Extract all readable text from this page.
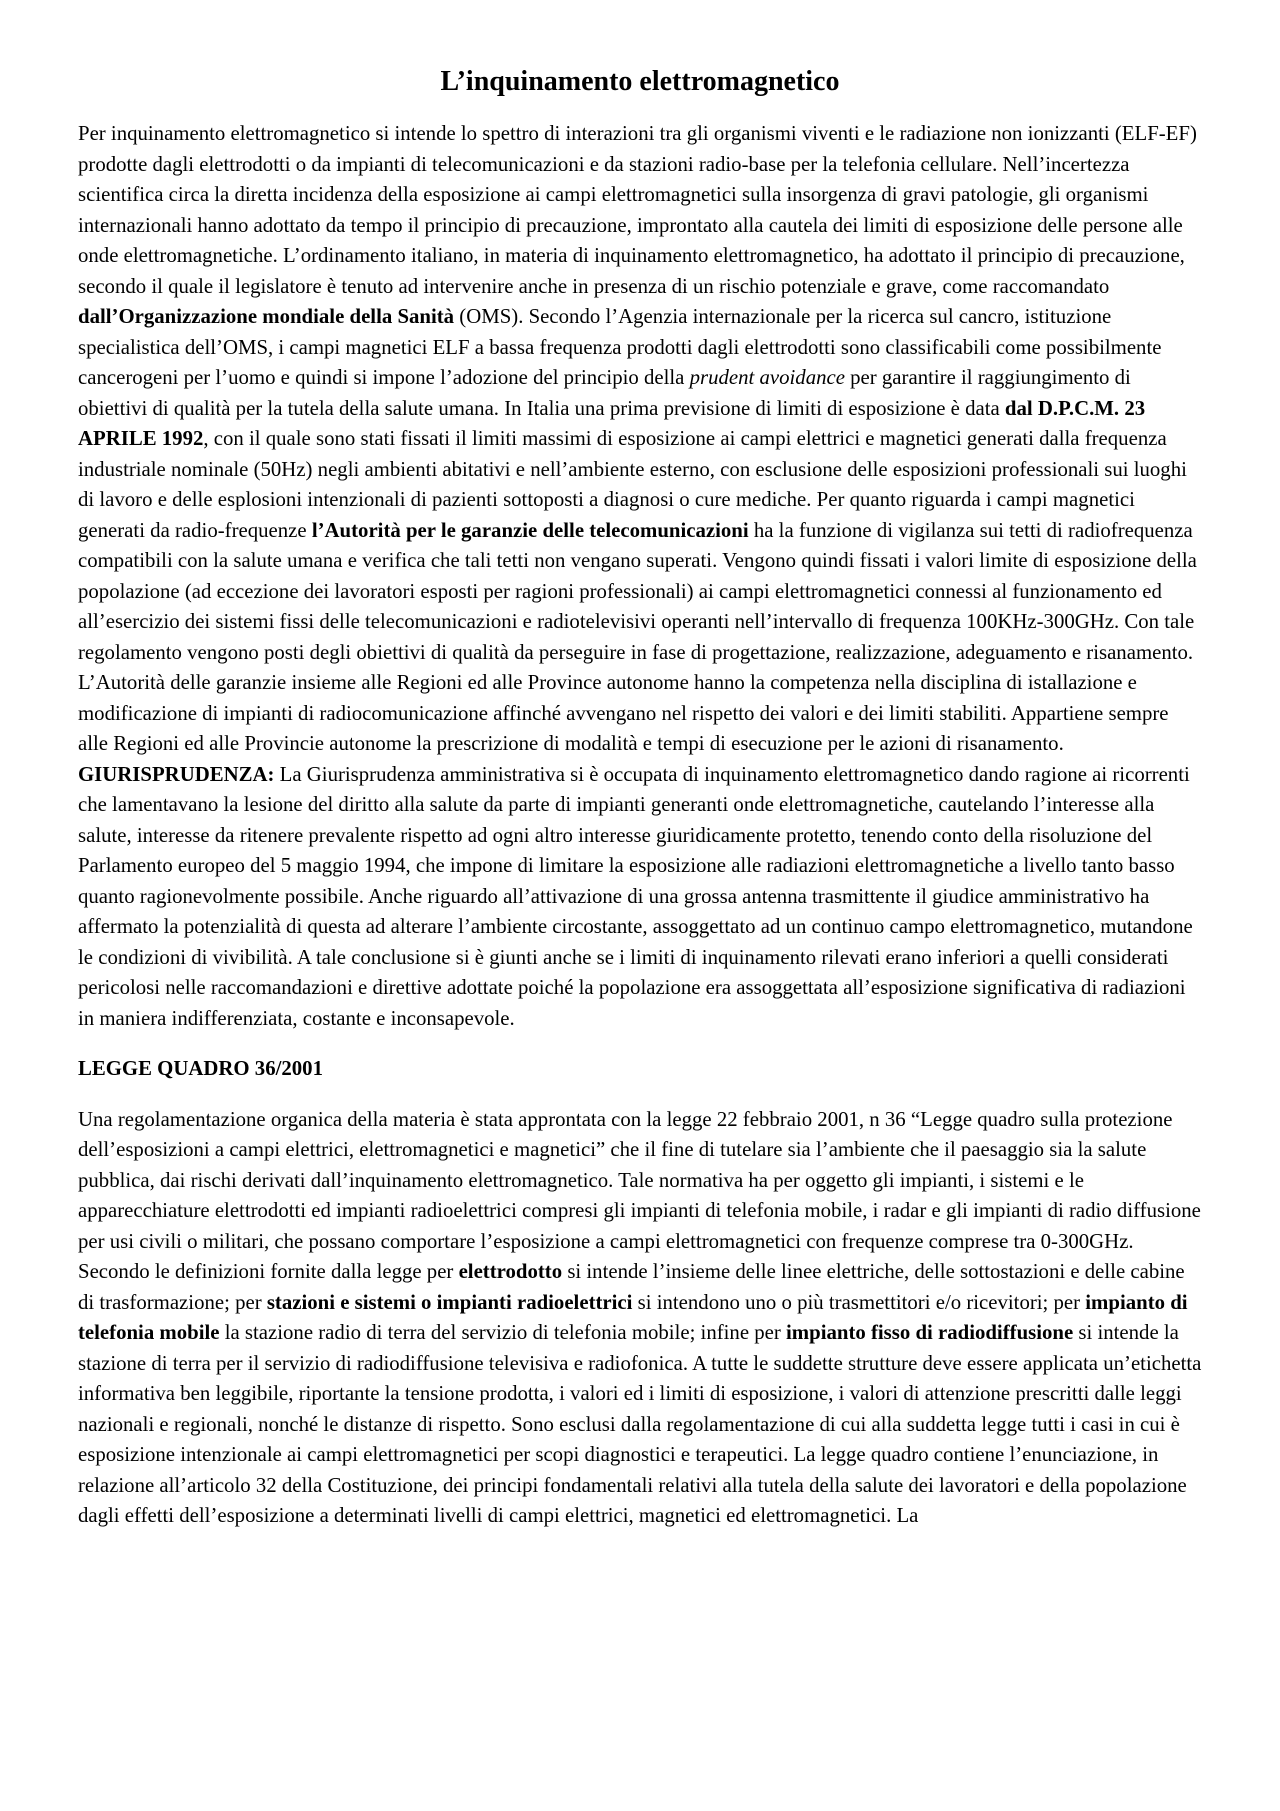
L’inquinamento elettromagnetico

Per inquinamento elettromagnetico si intende lo spettro di interazioni tra gli organismi viventi e le radiazione non ionizzanti (ELF-EF) prodotte dagli elettrodotti o da impianti di telecomunicazioni e da stazioni radio-base per la telefonia cellulare. Nell’incertezza scientifica circa la diretta incidenza della esposizione ai campi elettromagnetici sulla insorgenza di gravi patologie, gli organismi internazionali hanno adottato da tempo il principio di precauzione, improntato alla cautela dei limiti di esposizione delle persone alle onde elettromagnetiche. L’ordinamento italiano, in materia di inquinamento elettromagnetico, ha adottato il principio di precauzione, secondo il quale il legislatore è tenuto ad intervenire anche in presenza di un rischio potenziale e grave, come raccomandato dall’Organizzazione mondiale della Sanità (OMS). Secondo l’Agenzia internazionale per la ricerca sul cancro, istituzione specialistica dell’OMS, i campi magnetici ELF a bassa frequenza prodotti dagli elettrodotti sono classificabili come possibilmente cancerogeni per l’uomo e quindi si impone l’adozione del principio della prudent avoidance per garantire il raggiungimento di obiettivi di qualità per la tutela della salute umana. In Italia una prima previsione di limiti di esposizione è data dal D.P.C.M. 23 APRILE 1992, con il quale sono stati fissati il limiti massimi di esposizione ai campi elettrici e magnetici generati dalla frequenza industriale nominale (50Hz) negli ambienti abitativi e nell’ambiente esterno, con esclusione delle esposizioni professionali sui luoghi di lavoro e delle esplosioni intenzionali di pazienti sottoposti a diagnosi o cure mediche. Per quanto riguarda i campi magnetici generati da radio-frequenze l’Autorità per le garanzie delle telecomunicazioni ha la funzione di vigilanza sui tetti di radiofrequenza compatibili con la salute umana e verifica che tali tetti non vengano superati. Vengono quindi fissati i valori limite di esposizione della popolazione (ad eccezione dei lavoratori esposti per ragioni professionali) ai campi elettromagnetici connessi al funzionamento ed all’esercizio dei sistemi fissi delle telecomunicazioni e radiotelevisivi operanti nell’intervallo di frequenza 100KHz-300GHz. Con tale regolamento vengono posti degli obiettivi di qualità da perseguire in fase di progettazione, realizzazione, adeguamento e risanamento. L’Autorità delle garanzie insieme alle Regioni ed alle Province autonome hanno la competenza nella disciplina di istallazione e modificazione di impianti di radiocomunicazione affinché avvengano nel rispetto dei valori e dei limiti stabiliti. Appartiene sempre alle Regioni ed alle Provincie autonome la prescrizione di modalità e tempi di esecuzione per le azioni di risanamento. GIURISPRUDENZA: La Giurisprudenza amministrativa si è occupata di inquinamento elettromagnetico dando ragione ai ricorrenti che lamentavano la lesione del diritto alla salute da parte di impianti generanti onde elettromagnetiche, cautelando l’interesse alla salute, interesse da ritenere prevalente rispetto ad ogni altro interesse giuridicamente protetto, tenendo conto della risoluzione del Parlamento europeo del 5 maggio 1994, che impone di limitare la esposizione alle radiazioni elettromagnetiche a livello tanto basso quanto ragionevolmente possibile. Anche riguardo all’attivazione di una grossa antenna trasmittente il giudice amministrativo ha affermato la potenzialità di questa ad alterare l’ambiente circostante, assoggettato ad un continuo campo elettromagnetico, mutandone le condizioni di vivibilità. A tale conclusione si è giunti anche se i limiti di inquinamento rilevati erano inferiori a quelli considerati pericolosi nelle raccomandazioni e direttive adottate poiché la popolazione era assoggettata all’esposizione significativa di radiazioni in maniera indifferenziata, costante e inconsapevole.

LEGGE QUADRO 36/2001

Una regolamentazione organica della materia è stata approntata con la legge 22 febbraio 2001, n 36 “Legge quadro sulla protezione dell’esposizioni a campi elettrici, elettromagnetici e magnetici” che il fine di tutelare sia l’ambiente che il paesaggio sia la salute pubblica, dai rischi derivati dall’inquinamento elettromagnetico. Tale normativa ha per oggetto gli impianti, i sistemi e le apparecchiature elettrodotti ed impianti radioelettrici compresi gli impianti di telefonia mobile, i radar e gli impianti di radio diffusione per usi civili o militari, che possano comportare l’esposizione a campi elettromagnetici con frequenze comprese tra 0-300GHz. Secondo le definizioni fornite dalla legge per elettrodotto si intende l’insieme delle linee elettriche, delle sottostazioni e delle cabine di trasformazione; per stazioni e sistemi o impianti radioelettrici si intendono uno o più trasmettitori e/o ricevitori; per impianto di telefonia mobile la stazione radio di terra del servizio di telefonia mobile; infine per impianto fisso di radiodiffusione si intende la stazione di terra per il servizio di radiodiffusione televisiva e radiofonica. A tutte le suddette strutture deve essere applicata un’etichetta informativa ben leggibile, riportante la tensione prodotta, i valori ed i limiti di esposizione, i valori di attenzione prescritti dalle leggi nazionali e regionali, nonché le distanze di rispetto. Sono esclusi dalla regolamentazione di cui alla suddetta legge tutti i casi in cui è esposizione intenzionale ai campi elettromagnetici per scopi diagnostici e terapeutici. La legge quadro contiene l’enunciazione, in relazione all’articolo 32 della Costituzione, dei principi fondamentali relativi alla tutela della salute dei lavoratori e della popolazione dagli effetti dell’esposizione a determinati livelli di campi elettrici, magnetici ed elettromagnetici. La
